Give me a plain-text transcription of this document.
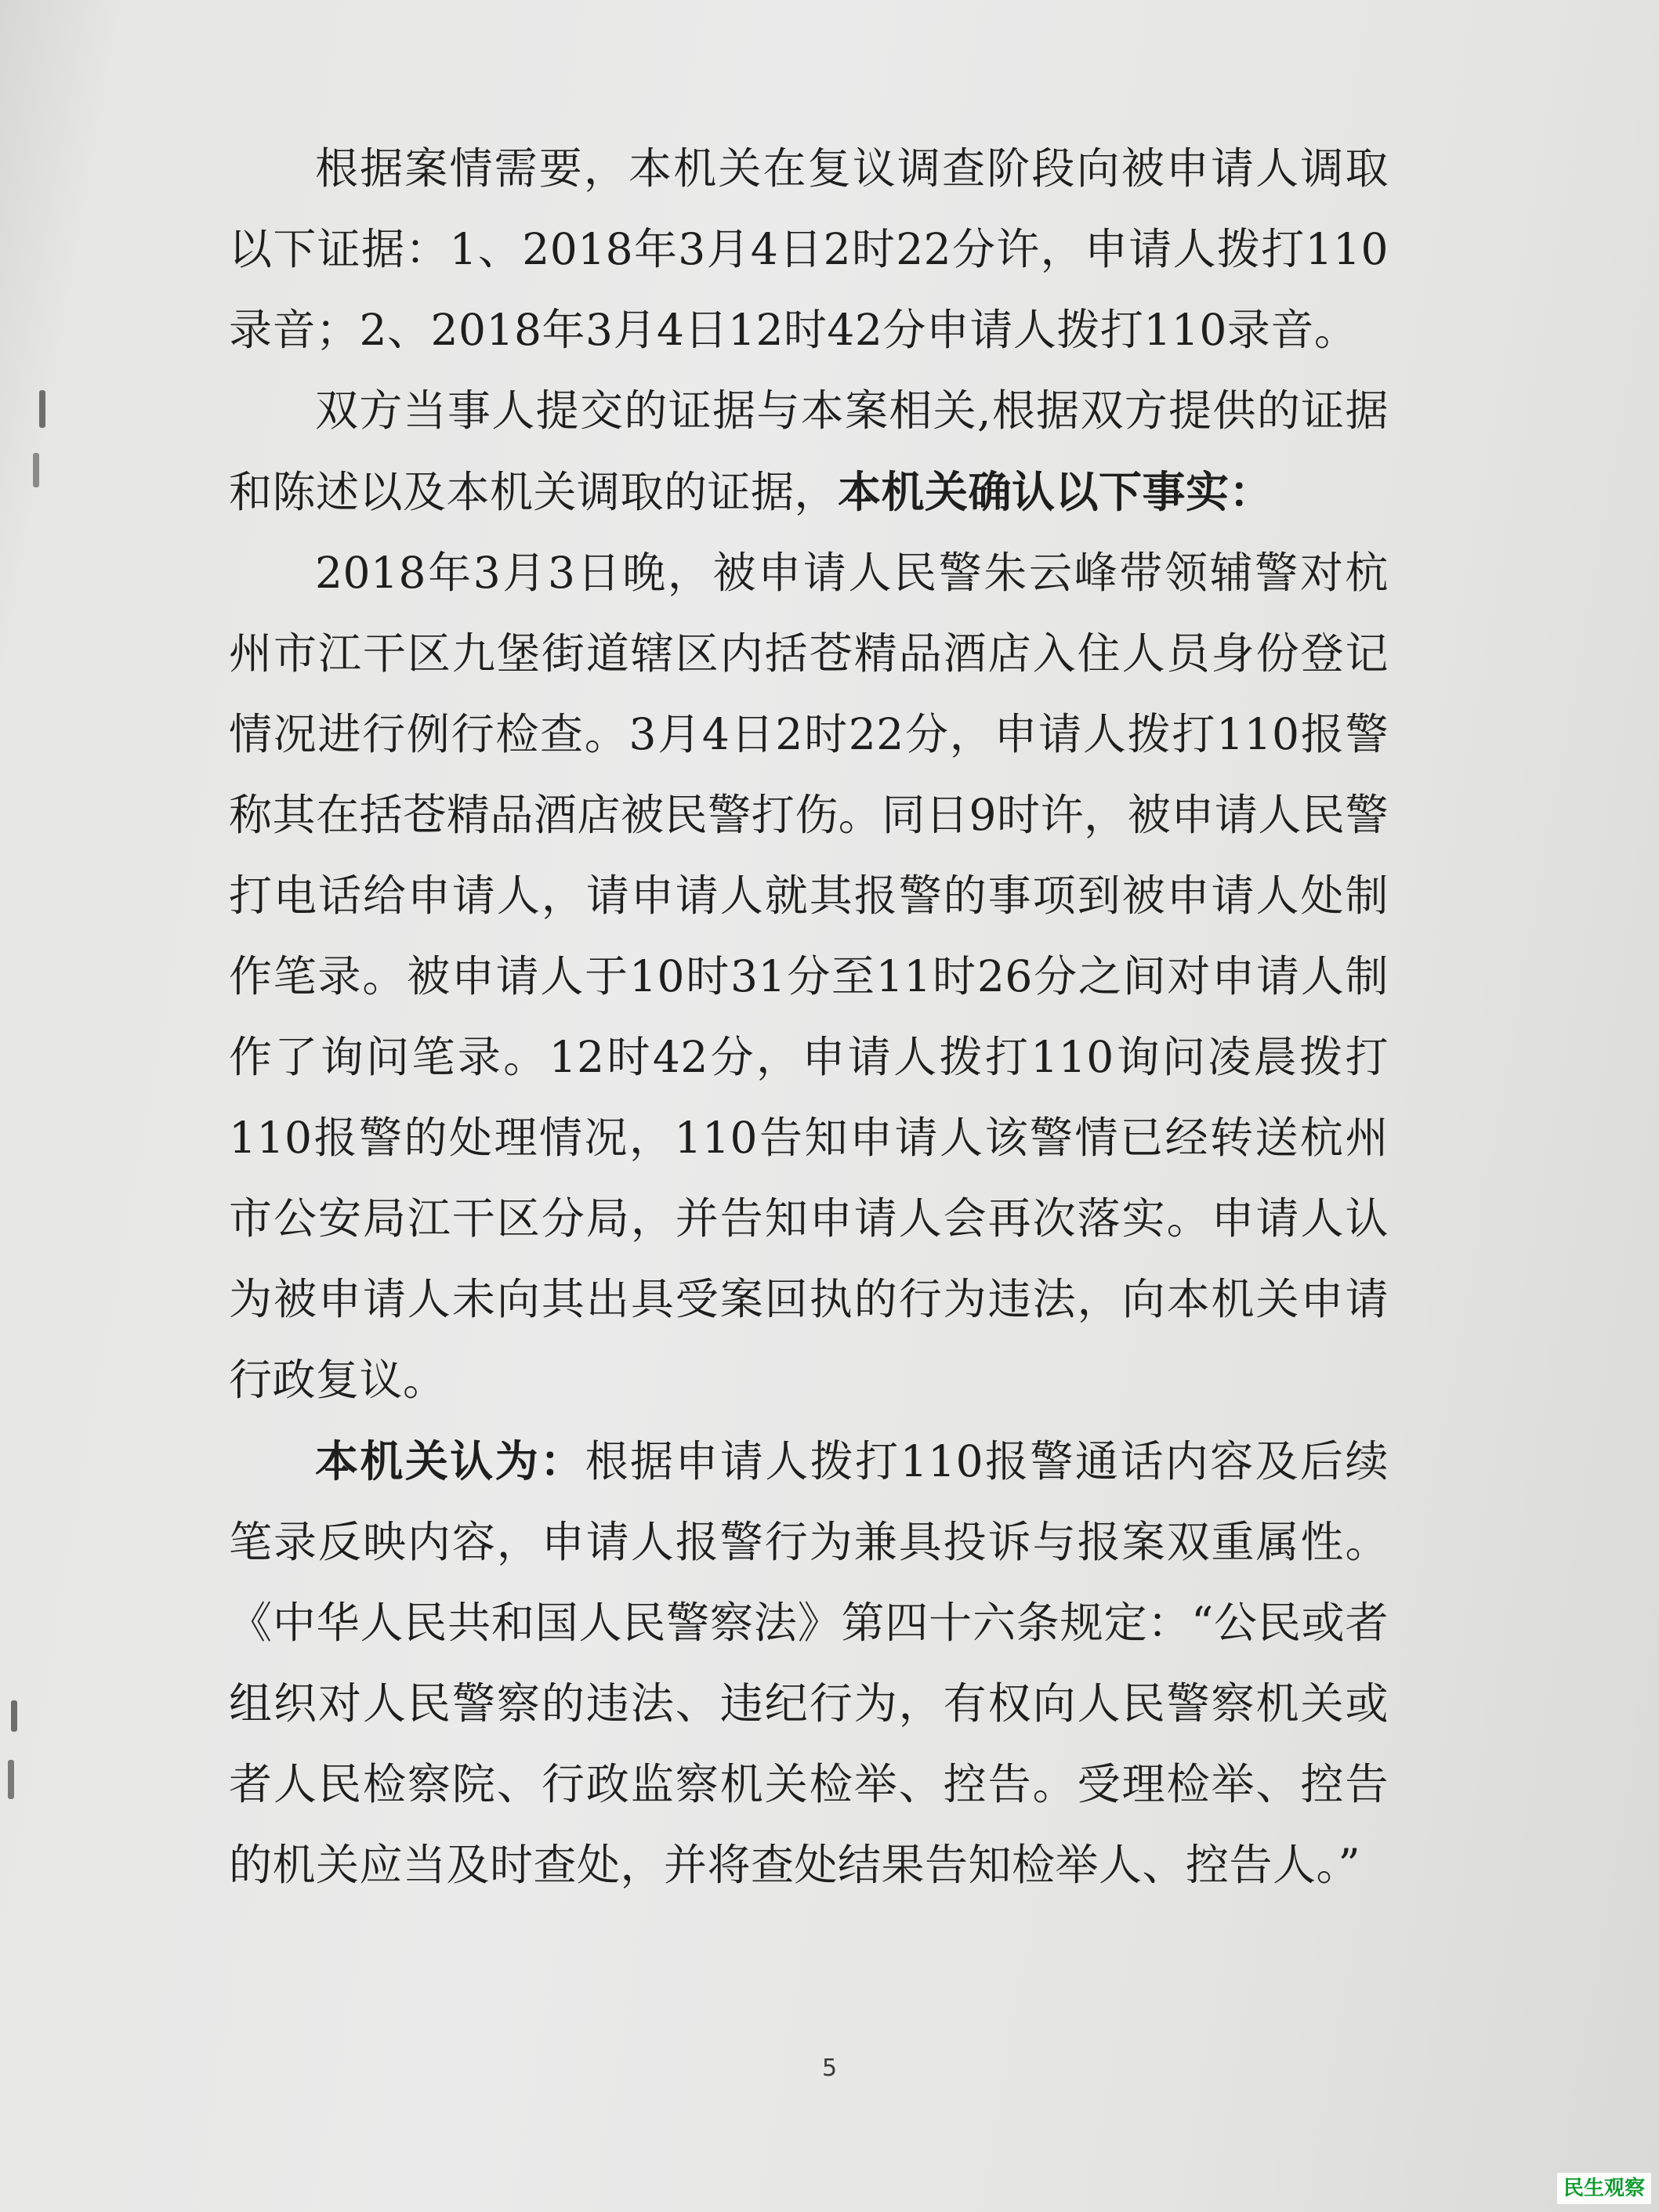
根据案情需要，本机关在复议调查阶段向被申请人调取以下证据：1、2018年3月4日2时22分许，申请人拨打110录音；2、2018年3月4日12时42分申请人拨打110录音。

双方当事人提交的证据与本案相关,根据双方提供的证据和陈述以及本机关调取的证据，本机关确认以下事实：

2018年3月3日晚，被申请人民警朱云峰带领辅警对杭州市江干区九堡街道辖区内括苍精品酒店入住人员身份登记情况进行例行检查。3月4日2时22分，申请人拨打110报警称其在括苍精品酒店被民警打伤。同日9时许，被申请人民警打电话给申请人，请申请人就其报警的事项到被申请人处制作笔录。被申请人于10时31分至11时26分之间对申请人制作了询问笔录。12时42分，申请人拨打110询问凌晨拨打110报警的处理情况，110告知申请人该警情已经转送杭州市公安局江干区分局，并告知申请人会再次落实。申请人认为被申请人未向其出具受案回执的行为违法，向本机关申请行政复议。

本机关认为：根据申请人拨打110报警通话内容及后续笔录反映内容，申请人报警行为兼具投诉与报案双重属性。《中华人民共和国人民警察法》第四十六条规定：“公民或者组织对人民警察的违法、违纪行为，有权向人民警察机关或者人民检察院、行政监察机关检举、控告。受理检举、控告的机关应当及时查处，并将查处结果告知检举人、控告人。”

5
民生观察
